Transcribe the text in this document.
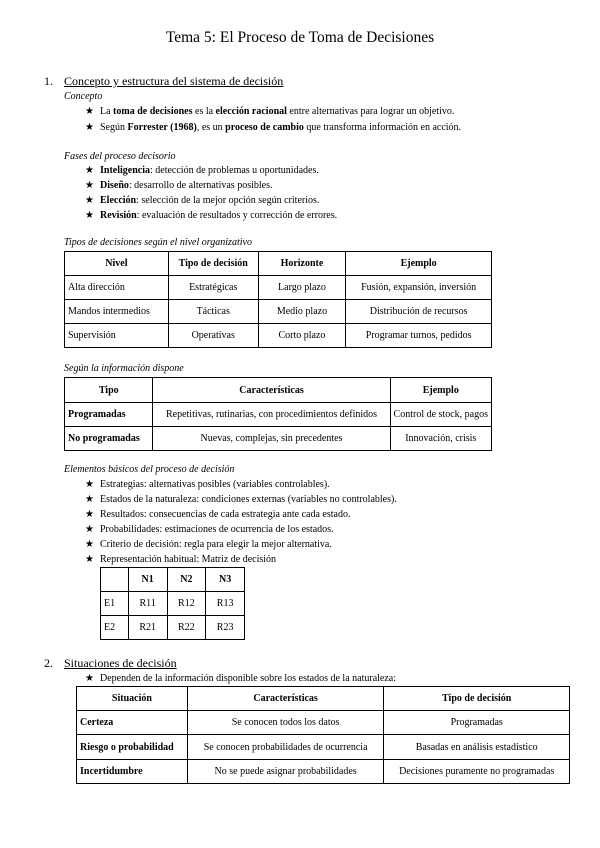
Tema 5: El Proceso de Toma de Decisiones
1. Concepto y estructura del sistema de decisión
Concepto
★ La toma de decisiones es la elección racional entre alternativas para lograr un objetivo.
★ Según Forrester (1968), es un proceso de cambio que transforma información en acción.
Fases del proceso decisorio
★ Inteligencia: detección de problemas u oportunidades.
★ Diseño: desarrollo de alternativas posibles.
★ Elección: selección de la mejor opción según criterios.
★ Revisión: evaluación de resultados y corrección de errores.
Tipos de decisiones según el nivel organizativo
Nivel	Tipo de decisión	Horizonte	Ejemplo
Alta dirección	Estratégicas	Largo plazo	Fusión, expansión, inversión
Mandos intermedios	Tácticas	Medio plazo	Distribución de recursos
Supervisión	Operativas	Corto plazo	Programar turnos, pedidos
Según la información dispone
Tipo	Características	Ejemplo
Programadas	Repetitivas, rutinarias, con procedimientos definidos	Control de stock, pagos
No programadas	Nuevas, complejas, sin precedentes	Innovación, crisis
Elementos básicos del proceso de decisión
★ Estrategias: alternativas posibles (variables controlables).
★ Estados de la naturaleza: condiciones externas (variables no controlables).
★ Resultados: consecuencias de cada estrategia ante cada estado.
★ Probabilidades: estimaciones de ocurrencia de los estados.
★ Criterio de decisión: regla para elegir la mejor alternativa.
★ Representación habitual: Matriz de decisión
	N1	N2	N3
E1	R11	R12	R13
E2	R21	R22	R23
2. Situaciones de decisión
★ Dependen de la información disponible sobre los estados de la naturaleza:
Situación	Características	Tipo de decisión
Certeza	Se conocen todos los datos	Programadas
Riesgo o probabilidad	Se conocen probabilidades de ocurrencia	Basadas en análisis estadístico
Incertidumbre	No se puede asignar probabilidades	Decisiones puramente no programadas
